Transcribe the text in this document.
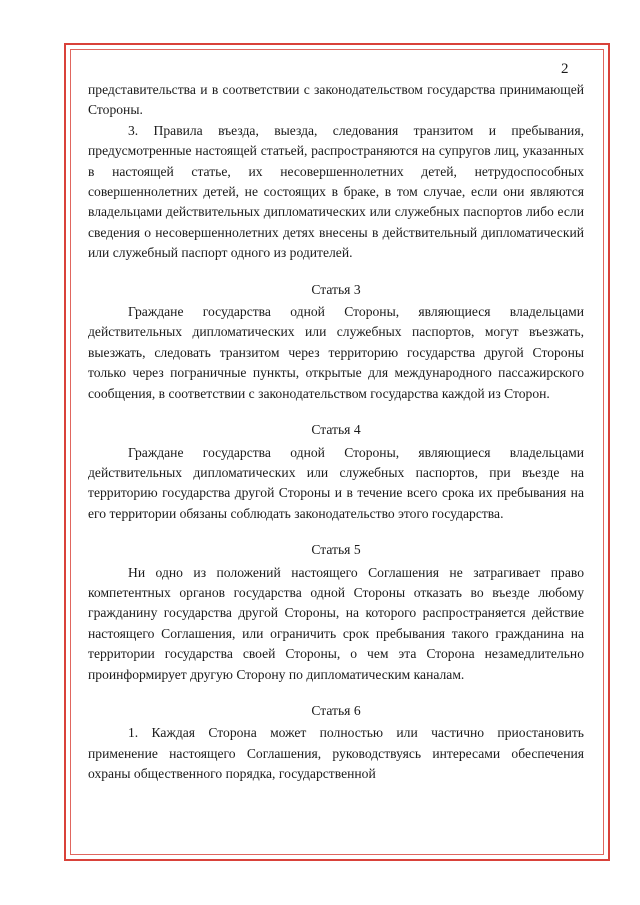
2

представительства и в соответствии с законодательством государства принимающей Стороны.

3. Правила въезда, выезда, следования транзитом и пребывания, предусмотренные настоящей статьей, распространяются на супругов лиц, указанных в настоящей статье, их несовершеннолетних детей, нетрудоспособных совершеннолетних детей, не состоящих в браке, в том случае, если они являются владельцами действительных дипломатических или служебных паспортов либо если сведения о несовершеннолетних детях внесены в действительный дипломатический или служебный паспорт одного из родителей.

Статья 3

Граждане государства одной Стороны, являющиеся владельцами действительных дипломатических или служебных паспортов, могут въезжать, выезжать, следовать транзитом через территорию государства другой Стороны только через пограничные пункты, открытые для международного пассажирского сообщения, в соответствии с законодательством государства каждой из Сторон.

Статья 4

Граждане государства одной Стороны, являющиеся владельцами действительных дипломатических или служебных паспортов, при въезде на территорию государства другой Стороны и в течение всего срока их пребывания на его территории обязаны соблюдать законодательство этого государства.

Статья 5

Ни одно из положений настоящего Соглашения не затрагивает право компетентных органов государства одной Стороны отказать во въезде любому гражданину государства другой Стороны, на которого распространяется действие настоящего Соглашения, или ограничить срок пребывания такого гражданина на территории государства своей Стороны, о чем эта Сторона незамедлительно проинформирует другую Сторону по дипломатическим каналам.

Статья 6

1. Каждая Сторона может полностью или частично приостановить применение настоящего Соглашения, руководствуясь интересами обеспечения охраны общественного порядка, государственной
